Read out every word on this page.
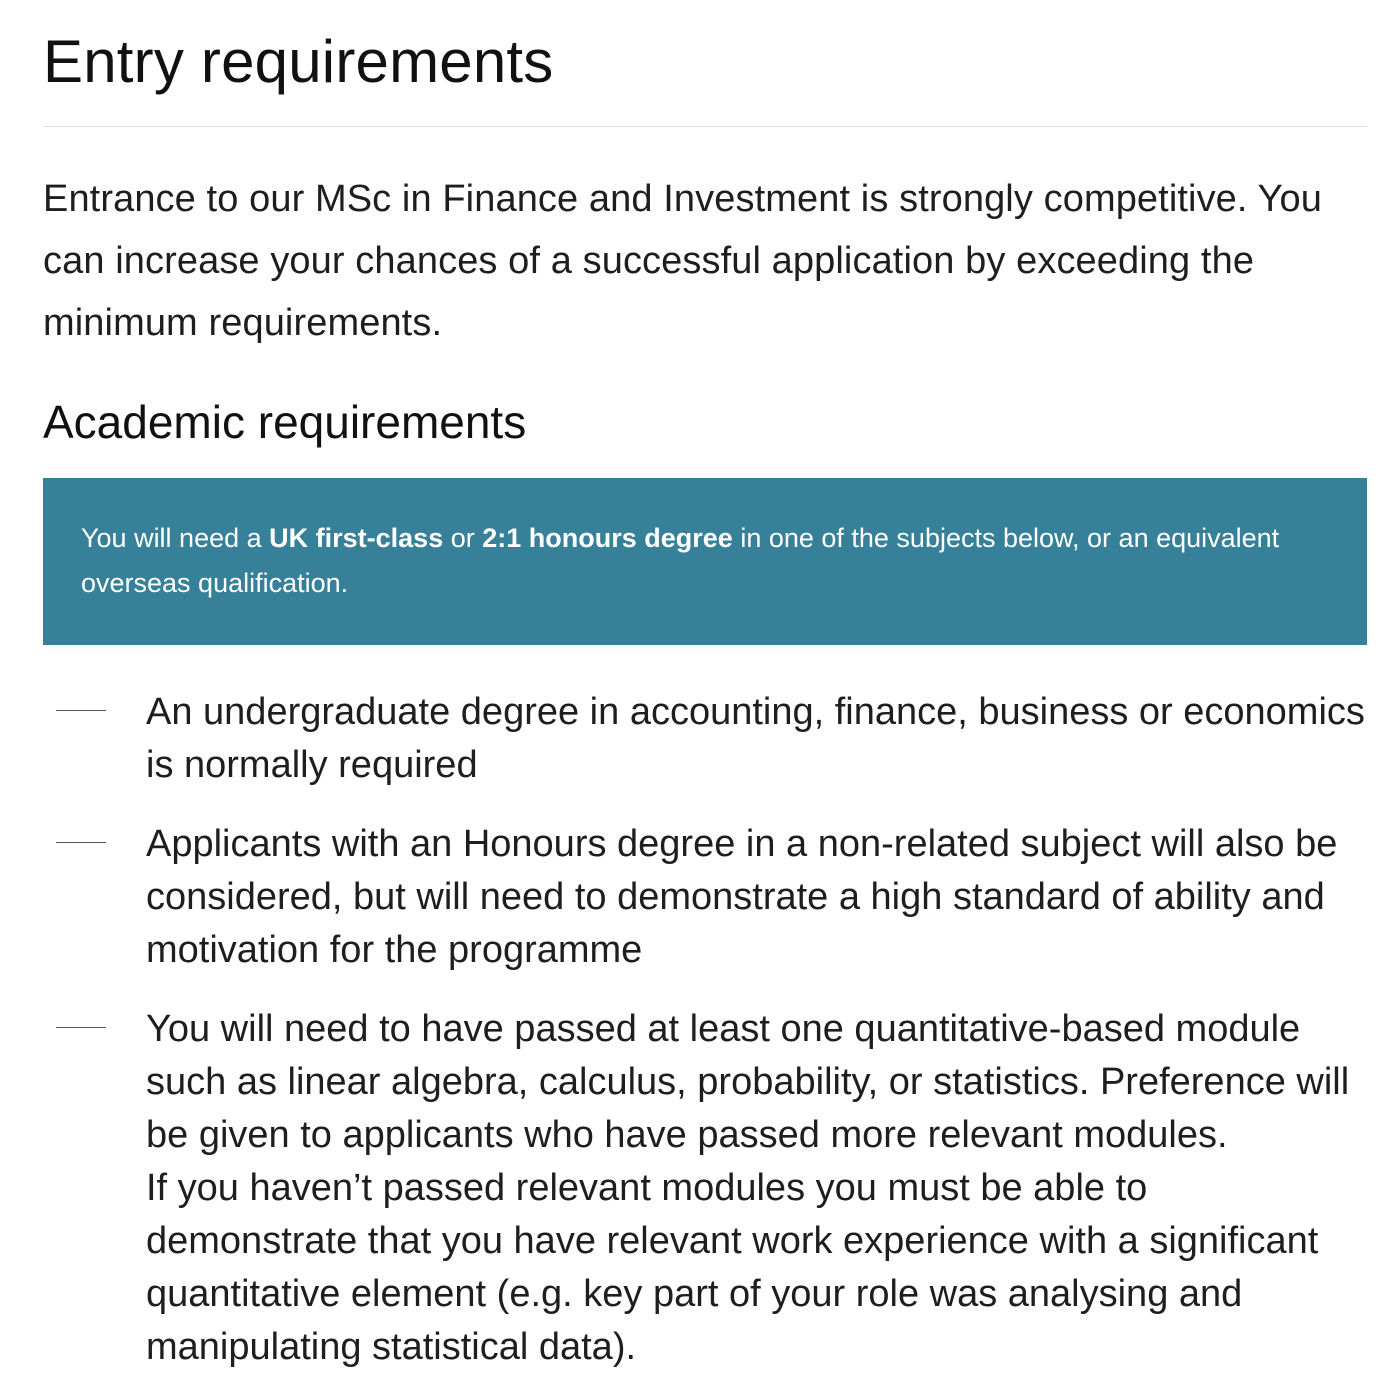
Entry requirements

Entrance to our MSc in Finance and Investment is strongly competitive. You can increase your chances of a successful application by exceeding the minimum requirements.

Academic requirements
You will need a UK first-class or 2:1 honours degree in one of the subjects below, or an equivalent overseas qualification.
An undergraduate degree in accounting, finance, business or economics is normally required
Applicants with an Honours degree in a non-related subject will also be considered, but will need to demonstrate a high standard of ability and motivation for the programme
You will need to have passed at least one quantitative-based module such as linear algebra, calculus, probability, or statistics. Preference will be given to applicants who have passed more relevant modules.
If you haven’t passed relevant modules you must be able to demonstrate that you have relevant work experience with a significant quantitative element (e.g. key part of your role was analysing and manipulating statistical data).
